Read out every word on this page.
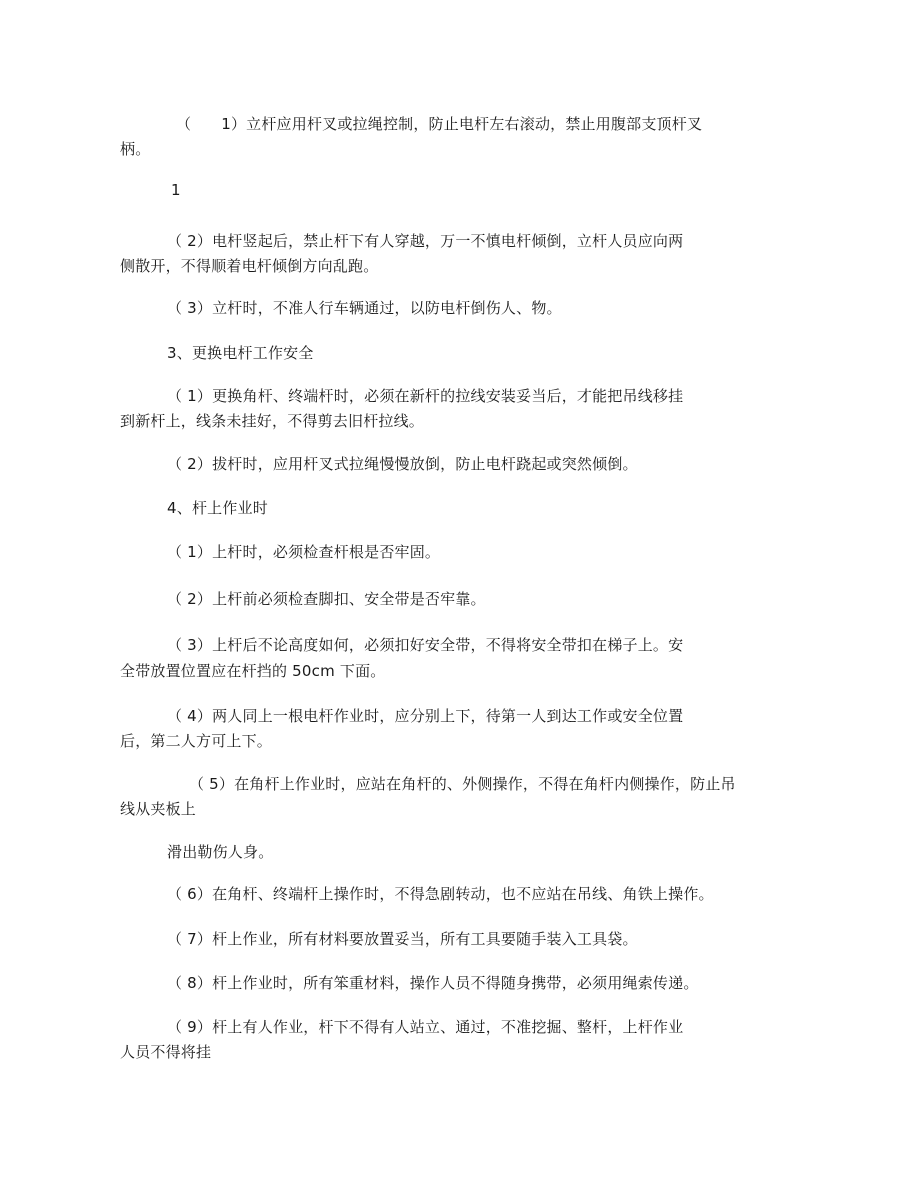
（ 1）立杆应用杆叉或拉绳控制，防止电杆左右滚动，禁止用腹部支顶杆叉
柄。
1
（ 2）电杆竖起后，禁止杆下有人穿越，万一不慎电杆倾倒，立杆人员应向两
侧散开，不得顺着电杆倾倒方向乱跑。
（ 3）立杆时，不准人行车辆通过，以防电杆倒伤人、物。
3、更换电杆工作安全
（ 1）更换角杆、终端杆时，必须在新杆的拉线安装妥当后，才能把吊线移挂
到新杆上，线条未挂好，不得剪去旧杆拉线。
（ 2）拔杆时，应用杆叉式拉绳慢慢放倒，防止电杆跷起或突然倾倒。
4、杆上作业时
（ 1）上杆时，必须检查杆根是否牢固。
（ 2）上杆前必须检查脚扣、安全带是否牢靠。
（ 3）上杆后不论高度如何，必须扣好安全带，不得将安全带扣在梯子上。安
全带放置位置应在杆挡的 50cm 下面。
（ 4）两人同上一根电杆作业时，应分别上下，待第一人到达工作或安全位置
后，第二人方可上下。
（ 5）在角杆上作业时，应站在角杆的、外侧操作，不得在角杆内侧操作，防止吊
线从夹板上
滑出勒伤人身。
（ 6）在角杆、终端杆上操作时，不得急剧转动，也不应站在吊线、角铁上操作。
（ 7）杆上作业，所有材料要放置妥当，所有工具要随手装入工具袋。
（ 8）杆上作业时，所有笨重材料，操作人员不得随身携带，必须用绳索传递。
（ 9）杆上有人作业，杆下不得有人站立、通过，不准挖掘、整杆，上杆作业
人员不得将挂
